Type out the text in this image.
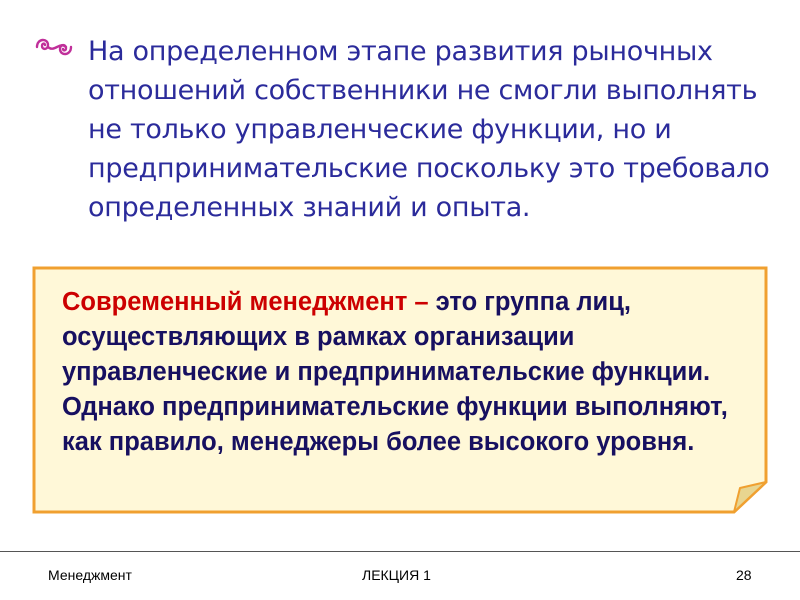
На определенном этапе развития рыночных отношений собственники не смогли выполнять не только управленческие функции, но и предпринимательские поскольку это требовало определенных знаний и опыта.
Современный менеджмент – это группа лиц, осуществляющих в рамках организации управленческие и предпринимательские функции. Однако предпринимательские функции выполняют, как правило, менеджеры более высокого уровня.
Менеджмент	ЛЕКЦИЯ 1	28
